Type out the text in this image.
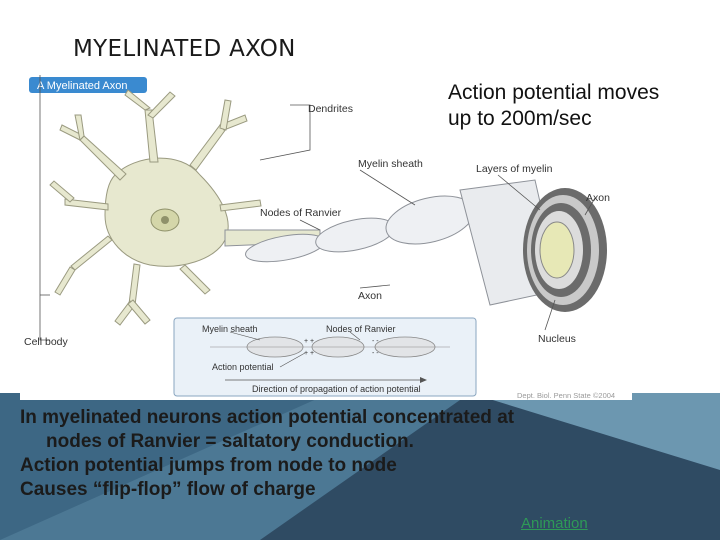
MYELINATED AXON
A Myelinated Axon
Dendrites
Myelin sheath	Layers of myelin
Axon
Nodes of Ranvier
Axon
Nucleus
Cell body	+ +
+ +
- -
- -
Myelin sheath	Nodes of Ranvier
Action potential
Direction of propagation of action potential
Dept. Biol. Penn State ©2004
Action potential moves
up to 200m/sec
In myelinated neurons action potential concentrated at
nodes of Ranvier = saltatory conduction.
Action potential jumps from node to node
Causes “flip-flop” flow of charge
Animation
